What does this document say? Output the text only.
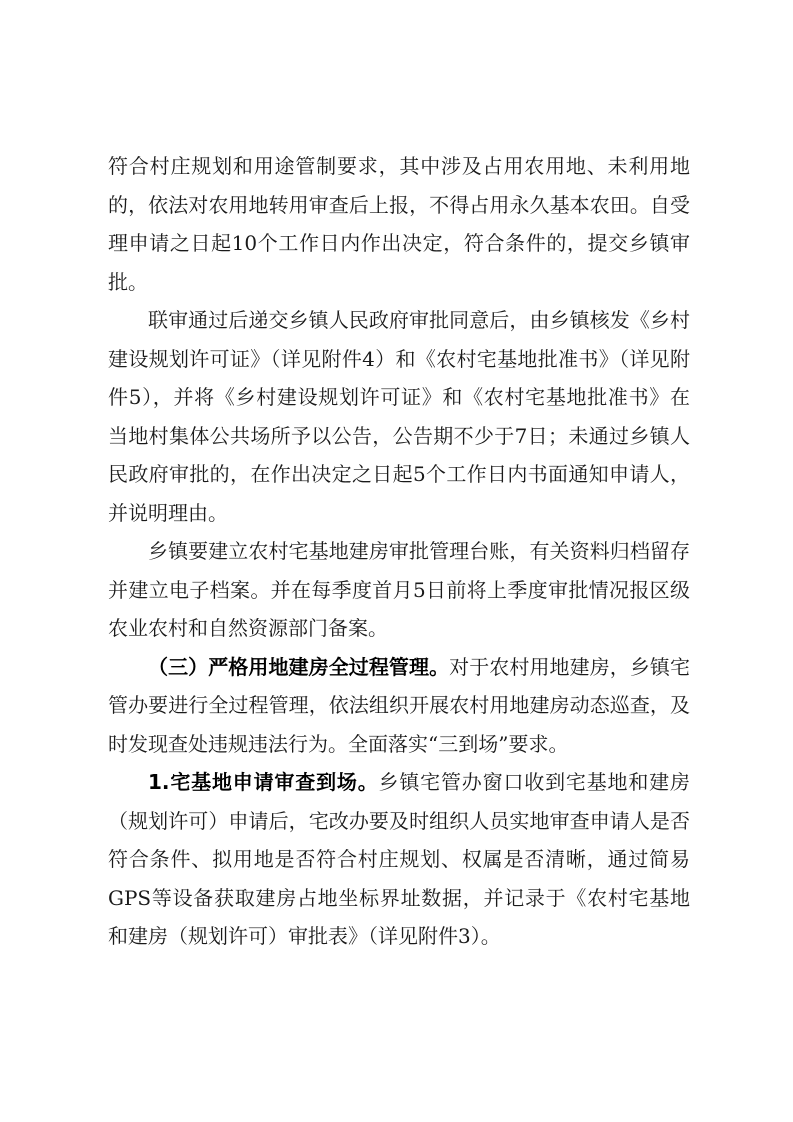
符合村庄规划和用途管制要求，其中涉及占用农用地、未利用地的，依法对农用地转用审查后上报，不得占用永久基本农田。自受理申请之日起10个工作日内作出决定，符合条件的，提交乡镇审批。

联审通过后递交乡镇人民政府审批同意后，由乡镇核发《乡村建设规划许可证》（详见附件4）和《农村宅基地批准书》（详见附件5），并将《乡村建设规划许可证》和《农村宅基地批准书》在当地村集体公共场所予以公告，公告期不少于7日；未通过乡镇人民政府审批的，在作出决定之日起5个工作日内书面通知申请人，并说明理由。

乡镇要建立农村宅基地建房审批管理台账，有关资料归档留存并建立电子档案。并在每季度首月5日前将上季度审批情况报区级农业农村和自然资源部门备案。

（三）严格用地建房全过程管理。对于农村用地建房，乡镇宅管办要进行全过程管理，依法组织开展农村用地建房动态巡查，及时发现查处违规违法行为。全面落实“三到场”要求。

1.宅基地申请审查到场。乡镇宅管办窗口收到宅基地和建房（规划许可）申请后，宅改办要及时组织人员实地审查申请人是否符合条件、拟用地是否符合村庄规划、权属是否清晰，通过简易GPS等设备获取建房占地坐标界址数据，并记录于《农村宅基地和建房（规划许可）审批表》（详见附件3）。
